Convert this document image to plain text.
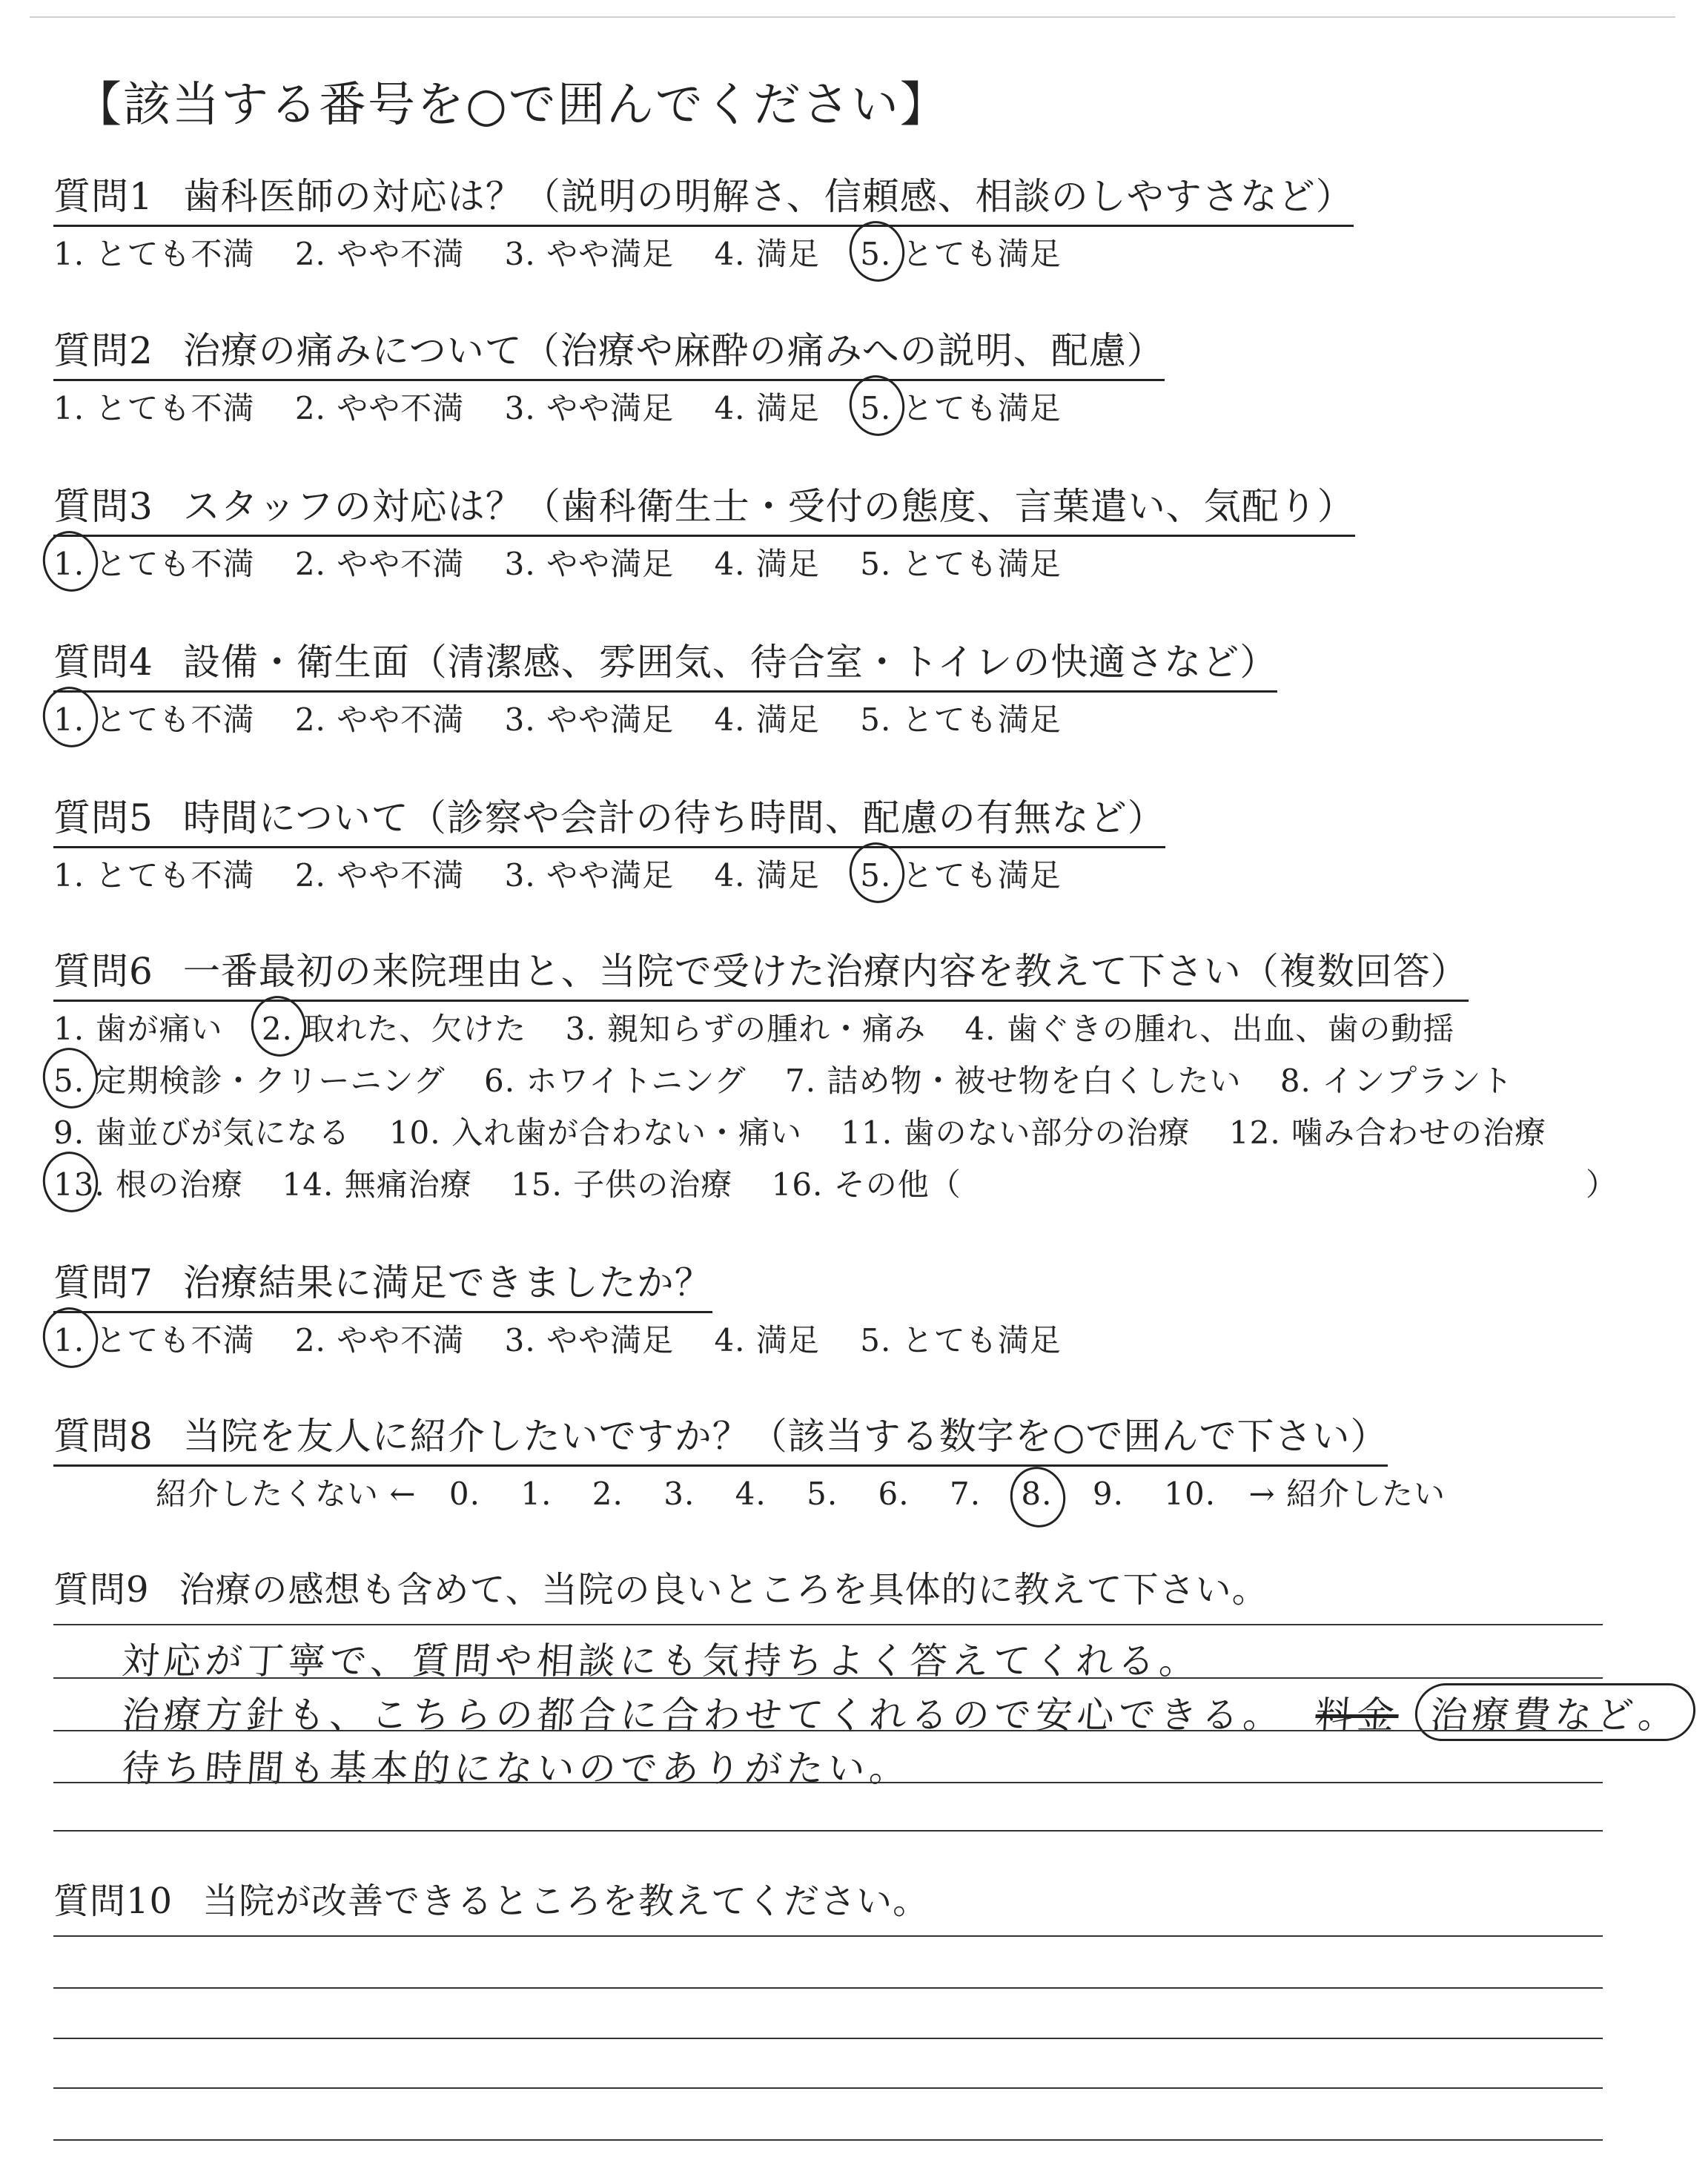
【該当する番号を○で囲んでください】
質問1 歯科医師の対応は？（説明の明解さ、信頼感、相談のしやすさなど）
1. とても不満 2. やや不満 3. やや満足 4. 満足 5. とても満足
質問2 治療の痛みについて（治療や麻酔の痛みへの説明、配慮）
1. とても不満 2. やや不満 3. やや満足 4. 満足 5. とても満足
質問3 スタッフの対応は？（歯科衛生士・受付の態度、言葉遣い、気配り）
1. とても不満 2. やや不満 3. やや満足 4. 満足 5. とても満足
質問4 設備・衛生面（清潔感、雰囲気、待合室・トイレの快適さなど）
1. とても不満 2. やや不満 3. やや満足 4. 満足 5. とても満足
質問5 時間について（診察や会計の待ち時間、配慮の有無など）
1. とても不満 2. やや不満 3. やや満足 4. 満足 5. とても満足
質問6 一番最初の来院理由と、当院で受けた治療内容を教えて下さい（複数回答）
1. 歯が痛い 2. 取れた、欠けた 3. 親知らずの腫れ・痛み 4. 歯ぐきの腫れ、出血、歯の動揺
5. 定期検診・クリーニング 6. ホワイトニング 7. 詰め物・被せ物を白くしたい 8. インプラント
9. 歯並びが気になる 10. 入れ歯が合わない・痛い 11. 歯のない部分の治療 12. 噛み合わせの治療
13. 根の治療 14. 無痛治療 15. 子供の治療 16. その他（	）
質問7 治療結果に満足できましたか？
1. とても不満 2. やや不満 3. やや満足 4. 満足 5. とても満足
質問8 当院を友人に紹介したいですか？（該当する数字を○で囲んで下さい）
紹介したくない ← 0. 1. 2. 3. 4. 5. 6. 7. 8. 9. 10. → 紹介したい
質問9 治療の感想も含めて、当院の良いところを具体的に教えて下さい。
対応が丁寧で、質問や相談にも気持ちよく答えてくれる。
治療方針も、こちらの都合に合わせてくれるので安心できる。 料金 治療費など。
待ち時間も基本的にないのでありがたい。
質問10 当院が改善できるところを教えてください。
